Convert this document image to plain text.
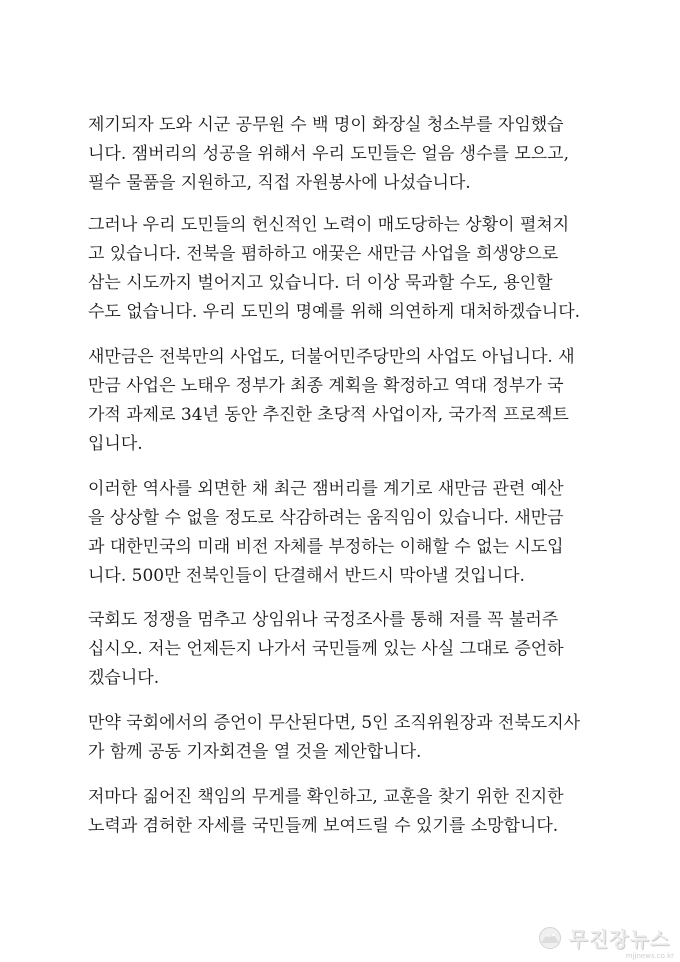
제기되자 도와 시군 공무원 수 백 명이 화장실 청소부를 자임했습
니다. 잼버리의 성공을 위해서 우리 도민들은 얼음 생수를 모으고,
필수 물품을 지원하고, 직접 자원봉사에 나섰습니다.
그러나 우리 도민들의 헌신적인 노력이 매도당하는 상황이 펼쳐지
고 있습니다. 전북을 폄하하고 애꿎은 새만금 사업을 희생양으로
삼는 시도까지 벌어지고 있습니다. 더 이상 묵과할 수도, 용인할
수도 없습니다. 우리 도민의 명예를 위해 의연하게 대처하겠습니다.
새만금은 전북만의 사업도, 더불어민주당만의 사업도 아닙니다. 새
만금 사업은 노태우 정부가 최종 계획을 확정하고 역대 정부가 국
가적 과제로 34년 동안 추진한 초당적 사업이자, 국가적 프로젝트
입니다.
이러한 역사를 외면한 채 최근 잼버리를 계기로 새만금 관련 예산
을 상상할 수 없을 정도로 삭감하려는 움직임이 있습니다. 새만금
과 대한민국의 미래 비전 자체를 부정하는 이해할 수 없는 시도입
니다. 500만 전북인들이 단결해서 반드시 막아낼 것입니다.
국회도 정쟁을 멈추고 상임위나 국정조사를 통해 저를 꼭 불러주
십시오. 저는 언제든지 나가서 국민들께 있는 사실 그대로 증언하
겠습니다.
만약 국회에서의 증언이 무산된다면, 5인 조직위원장과 전북도지사
가 함께 공동 기자회견을 열 것을 제안합니다.
저마다 짊어진 책임의 무게를 확인하고, 교훈을 찾기 위한 진지한
노력과 겸허한 자세를 국민들께 보여드릴 수 있기를 소망합니다.
무진장뉴스
mjjnews.co.kr
